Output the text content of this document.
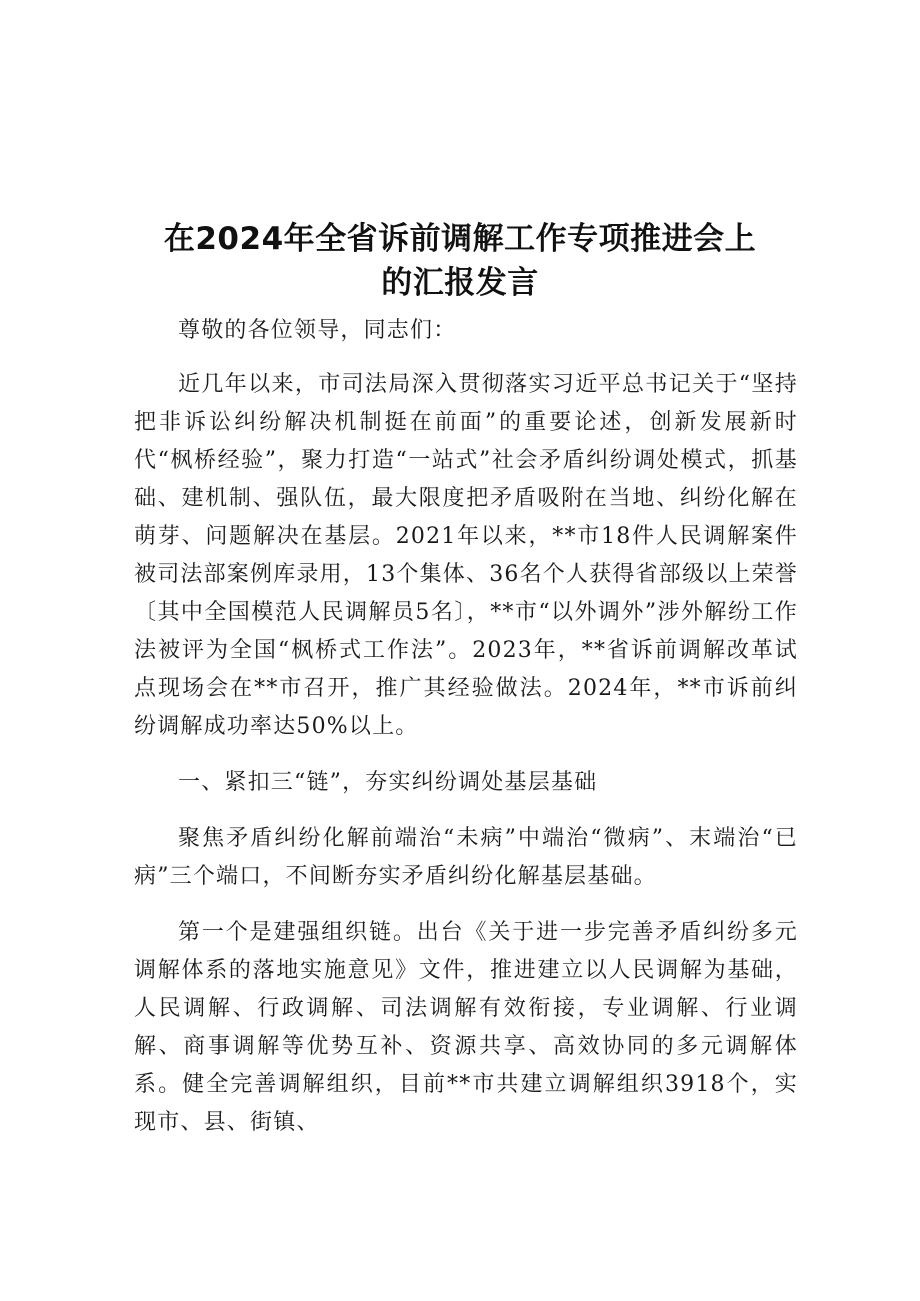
在2024年全省诉前调解工作专项推进会上的汇报发言

尊敬的各位领导，同志们：

近几年以来，市司法局深入贯彻落实习近平总书记关于“坚持把非诉讼纠纷解决机制挺在前面”的重要论述，创新发展新时代“枫桥经验”，聚力打造“一站式”社会矛盾纠纷调处模式，抓基础、建机制、强队伍，最大限度把矛盾吸附在当地、纠纷化解在萌芽、问题解决在基层。2021年以来，**市18件人民调解案件被司法部案例库录用，13个集体、36名个人获得省部级以上荣誉〔其中全国模范人民调解员5名〕，**市“以外调外”涉外解纷工作法被评为全国“枫桥式工作法”。2023年，**省诉前调解改革试点现场会在**市召开，推广其经验做法。2024年，**市诉前纠纷调解成功率达50%以上。

一、紧扣三“链”，夯实纠纷调处基层基础

聚焦矛盾纠纷化解前端治“未病”中端治“微病”、末端治“已病”三个端口，不间断夯实矛盾纠纷化解基层基础。

第一个是建强组织链。出台《关于进一步完善矛盾纠纷多元调解体系的落地实施意见》文件，推进建立以人民调解为基础，人民调解、行政调解、司法调解有效衔接，专业调解、行业调解、商事调解等优势互补、资源共享、高效协同的多元调解体系。健全完善调解组织，目前**市共建立调解组织3918个，实现市、县、街镇、
